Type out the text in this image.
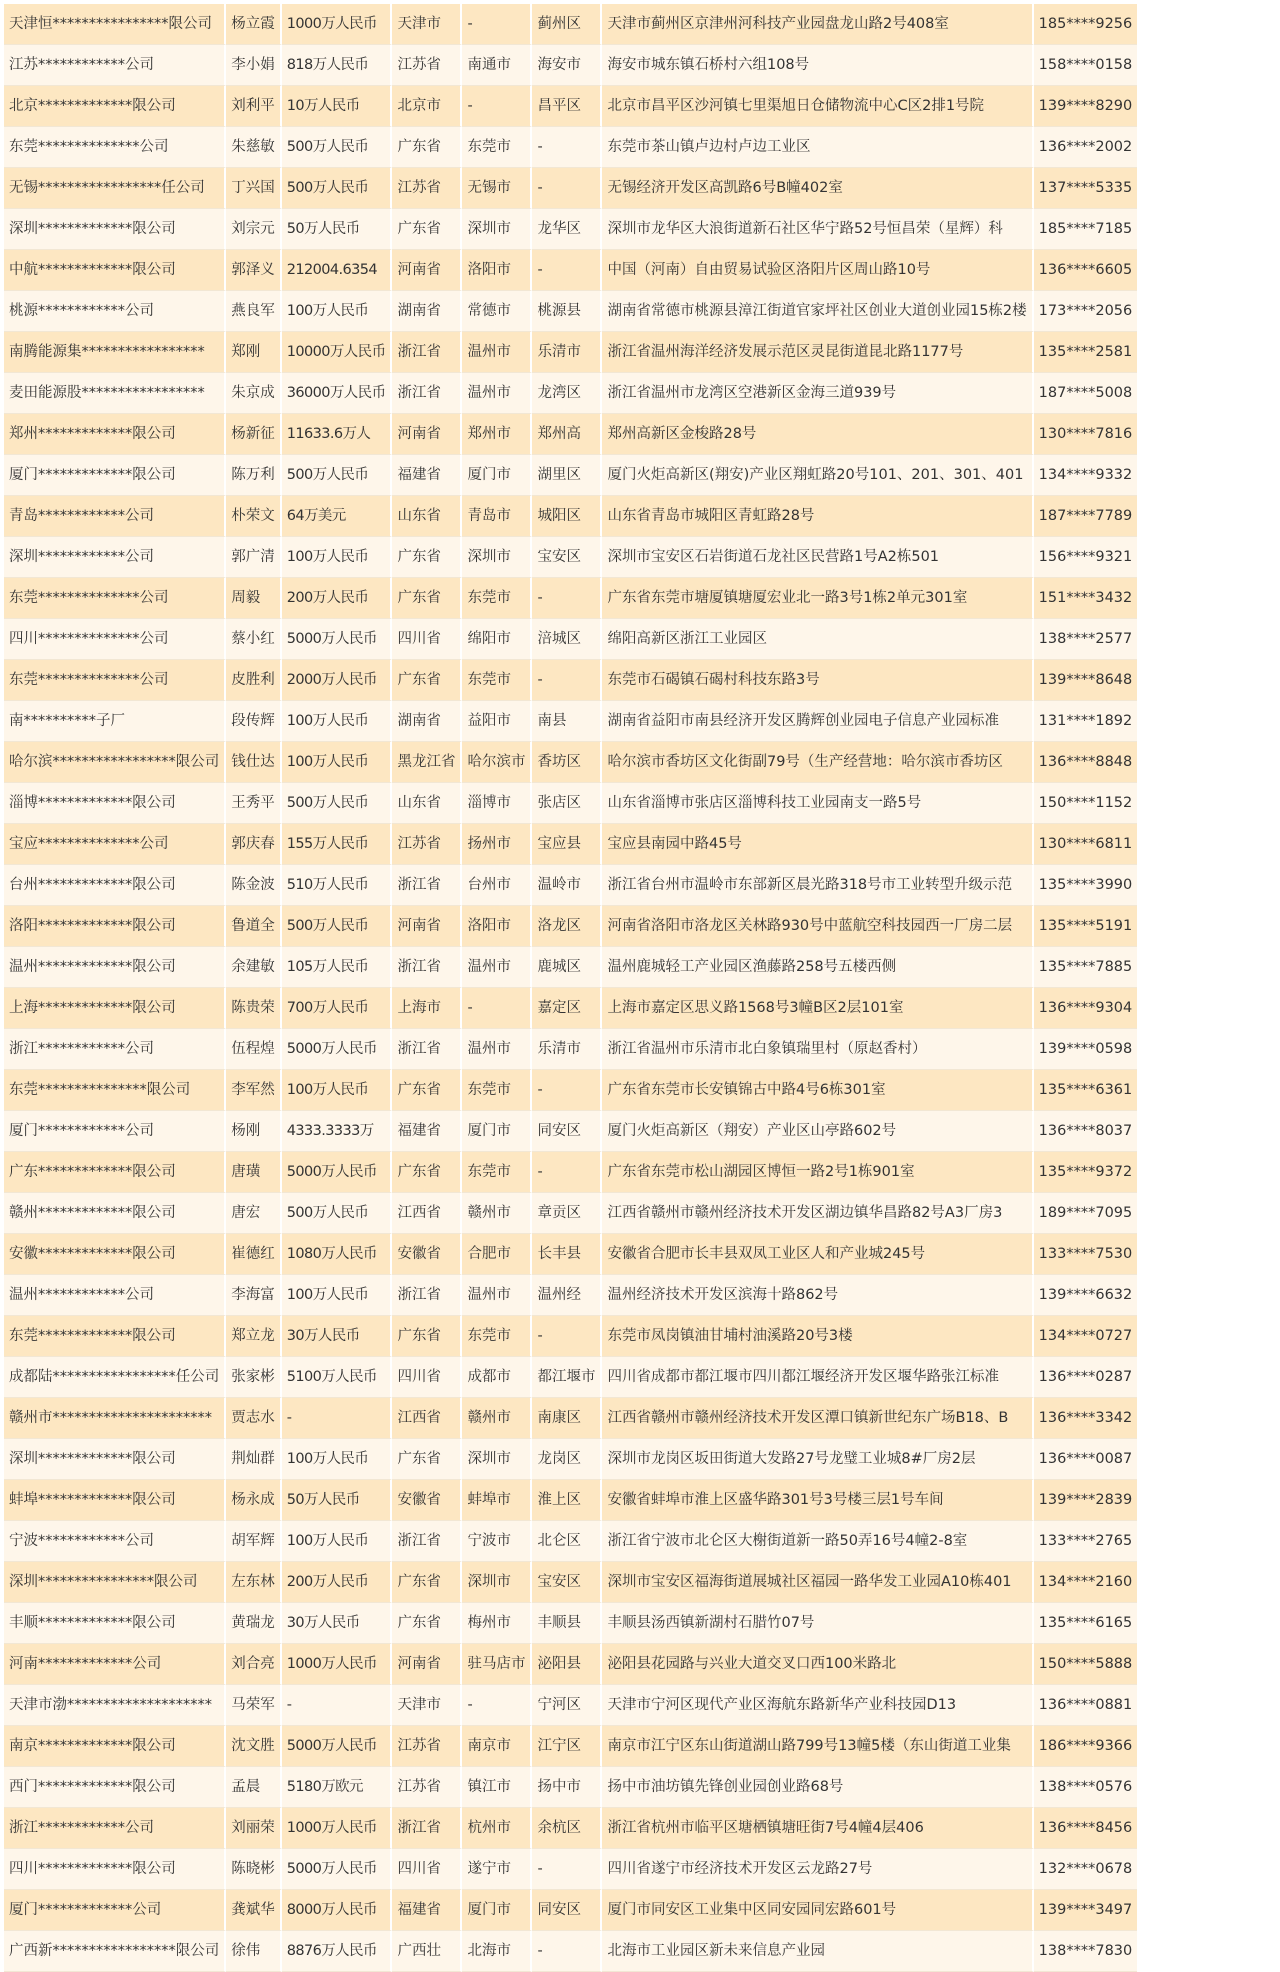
天津恒****************限公司	杨立霞	1000万人民币	天津市	-	蓟州区	天津市蓟州区京津州河科技产业园盘龙山路2号408室	185****9256
江苏************公司	李小娟	818万人民币	江苏省	南通市	海安市	海安市城东镇石桥村六组108号	158****0158
北京*************限公司	刘利平	10万人民币	北京市	-	昌平区	北京市昌平区沙河镇七里渠旭日仓储物流中心C区2排1号院	139****8290
东莞**************公司	朱慈敏	500万人民币	广东省	东莞市	-	东莞市茶山镇卢边村卢边工业区	136****2002
无锡*****************任公司	丁兴国	500万人民币	江苏省	无锡市	-	无锡经济开发区高凯路6号B幢402室	137****5335
深圳*************限公司	刘宗元	50万人民币	广东省	深圳市	龙华区	深圳市龙华区大浪街道新石社区华宁路52号恒昌荣（星辉）科	185****7185
中航*************限公司	郭泽义	212004.6354	河南省	洛阳市	-	中国（河南）自由贸易试验区洛阳片区周山路10号	136****6605
桃源************公司	燕良军	100万人民币	湖南省	常德市	桃源县	湖南省常德市桃源县漳江街道官家坪社区创业大道创业园15栋2楼	173****2056
南腾能源集*****************	郑刚	10000万人民币	浙江省	温州市	乐清市	浙江省温州海洋经济发展示范区灵昆街道昆北路1177号	135****2581
麦田能源股*****************	朱京成	36000万人民币	浙江省	温州市	龙湾区	浙江省温州市龙湾区空港新区金海三道939号	187****5008
郑州*************限公司	杨新征	11633.6万人	河南省	郑州市	郑州高	郑州高新区金梭路28号	130****7816
厦门*************限公司	陈万利	500万人民币	福建省	厦门市	湖里区	厦门火炬高新区(翔安)产业区翔虹路20号101、201、301、401	134****9332
青岛************公司	朴荣文	64万美元	山东省	青岛市	城阳区	山东省青岛市城阳区青虹路28号	187****7789
深圳************公司	郭广清	100万人民币	广东省	深圳市	宝安区	深圳市宝安区石岩街道石龙社区民营路1号A2栋501	156****9321
东莞**************公司	周毅	200万人民币	广东省	东莞市	-	广东省东莞市塘厦镇塘厦宏业北一路3号1栋2单元301室	151****3432
四川**************公司	蔡小红	5000万人民币	四川省	绵阳市	涪城区	绵阳高新区浙江工业园区	138****2577
东莞**************公司	皮胜利	2000万人民币	广东省	东莞市	-	东莞市石碣镇石碣村科技东路3号	139****8648
南**********子厂	段传辉	100万人民币	湖南省	益阳市	南县	湖南省益阳市南县经济开发区腾辉创业园电子信息产业园标准	131****1892
哈尔滨*****************限公司	钱仕达	100万人民币	黑龙江省	哈尔滨市	香坊区	哈尔滨市香坊区文化街副79号（生产经营地：哈尔滨市香坊区	136****8848
淄博*************限公司	王秀平	500万人民币	山东省	淄博市	张店区	山东省淄博市张店区淄博科技工业园南支一路5号	150****1152
宝应**************公司	郭庆春	155万人民币	江苏省	扬州市	宝应县	宝应县南园中路45号	130****6811
台州*************限公司	陈金波	510万人民币	浙江省	台州市	温岭市	浙江省台州市温岭市东部新区晨光路318号市工业转型升级示范	135****3990
洛阳*************限公司	鲁道全	500万人民币	河南省	洛阳市	洛龙区	河南省洛阳市洛龙区关林路930号中蓝航空科技园西一厂房二层	135****5191
温州*************限公司	余建敏	105万人民币	浙江省	温州市	鹿城区	温州鹿城轻工产业园区渔藤路258号五楼西侧	135****7885
上海*************限公司	陈贵荣	700万人民币	上海市	-	嘉定区	上海市嘉定区思义路1568号3幢B区2层101室	136****9304
浙江************公司	伍程煌	5000万人民币	浙江省	温州市	乐清市	浙江省温州市乐清市北白象镇瑞里村（原赵香村）	139****0598
东莞***************限公司	李军然	100万人民币	广东省	东莞市	-	广东省东莞市长安镇锦古中路4号6栋301室	135****6361
厦门************公司	杨刚	4333.3333万	福建省	厦门市	同安区	厦门火炬高新区（翔安）产业区山亭路602号	136****8037
广东*************限公司	唐璜	5000万人民币	广东省	东莞市	-	广东省东莞市松山湖园区博恒一路2号1栋901室	135****9372
赣州*************限公司	唐宏	500万人民币	江西省	赣州市	章贡区	江西省赣州市赣州经济技术开发区湖边镇华昌路82号A3厂房3	189****7095
安徽*************限公司	崔德红	1080万人民币	安徽省	合肥市	长丰县	安徽省合肥市长丰县双凤工业区人和产业城245号	133****7530
温州************公司	李海富	100万人民币	浙江省	温州市	温州经	温州经济技术开发区滨海十路862号	139****6632
东莞*************限公司	郑立龙	30万人民币	广东省	东莞市	-	东莞市凤岗镇油甘埔村油溪路20号3楼	134****0727
成都陆*****************任公司	张家彬	5100万人民币	四川省	成都市	都江堰市	四川省成都市都江堰市四川都江堰经济开发区堰华路张江标准	136****0287
赣州市**********************	贾志水	-	江西省	赣州市	南康区	江西省赣州市赣州经济技术开发区潭口镇新世纪东广场B18、B	136****3342
深圳*************限公司	荆灿群	100万人民币	广东省	深圳市	龙岗区	深圳市龙岗区坂田街道大发路27号龙璧工业城8#厂房2层	136****0087
蚌埠*************限公司	杨永成	50万人民币	安徽省	蚌埠市	淮上区	安徽省蚌埠市淮上区盛华路301号3号楼三层1号车间	139****2839
宁波************公司	胡军辉	100万人民币	浙江省	宁波市	北仑区	浙江省宁波市北仑区大榭街道新一路50弄16号4幢2-8室	133****2765
深圳****************限公司	左东林	200万人民币	广东省	深圳市	宝安区	深圳市宝安区福海街道展城社区福园一路华发工业园A10栋401	134****2160
丰顺*************限公司	黄瑞龙	30万人民币	广东省	梅州市	丰顺县	丰顺县汤西镇新湖村石腊竹07号	135****6165
河南*************公司	刘合亮	1000万人民币	河南省	驻马店市	泌阳县	泌阳县花园路与兴业大道交叉口西100米路北	150****5888
天津市渤********************	马荣军	-	天津市	-	宁河区	天津市宁河区现代产业区海航东路新华产业科技园D13	136****0881
南京*************限公司	沈文胜	5000万人民币	江苏省	南京市	江宁区	南京市江宁区东山街道湖山路799号13幢5楼（东山街道工业集	186****9366
西门*************限公司	孟晨	5180万欧元	江苏省	镇江市	扬中市	扬中市油坊镇先锋创业园创业路68号	138****0576
浙江************公司	刘丽荣	1000万人民币	浙江省	杭州市	余杭区	浙江省杭州市临平区塘栖镇塘旺街7号4幢4层406	136****8456
四川*************限公司	陈晓彬	5000万人民币	四川省	遂宁市	-	四川省遂宁市经济技术开发区云龙路27号	132****0678
厦门*************公司	龚斌华	8000万人民币	福建省	厦门市	同安区	厦门市同安区工业集中区同安园同宏路601号	139****3497
广西新*****************限公司	徐伟	8876万人民币	广西壮	北海市	-	北海市工业园区新未来信息产业园	138****7830
